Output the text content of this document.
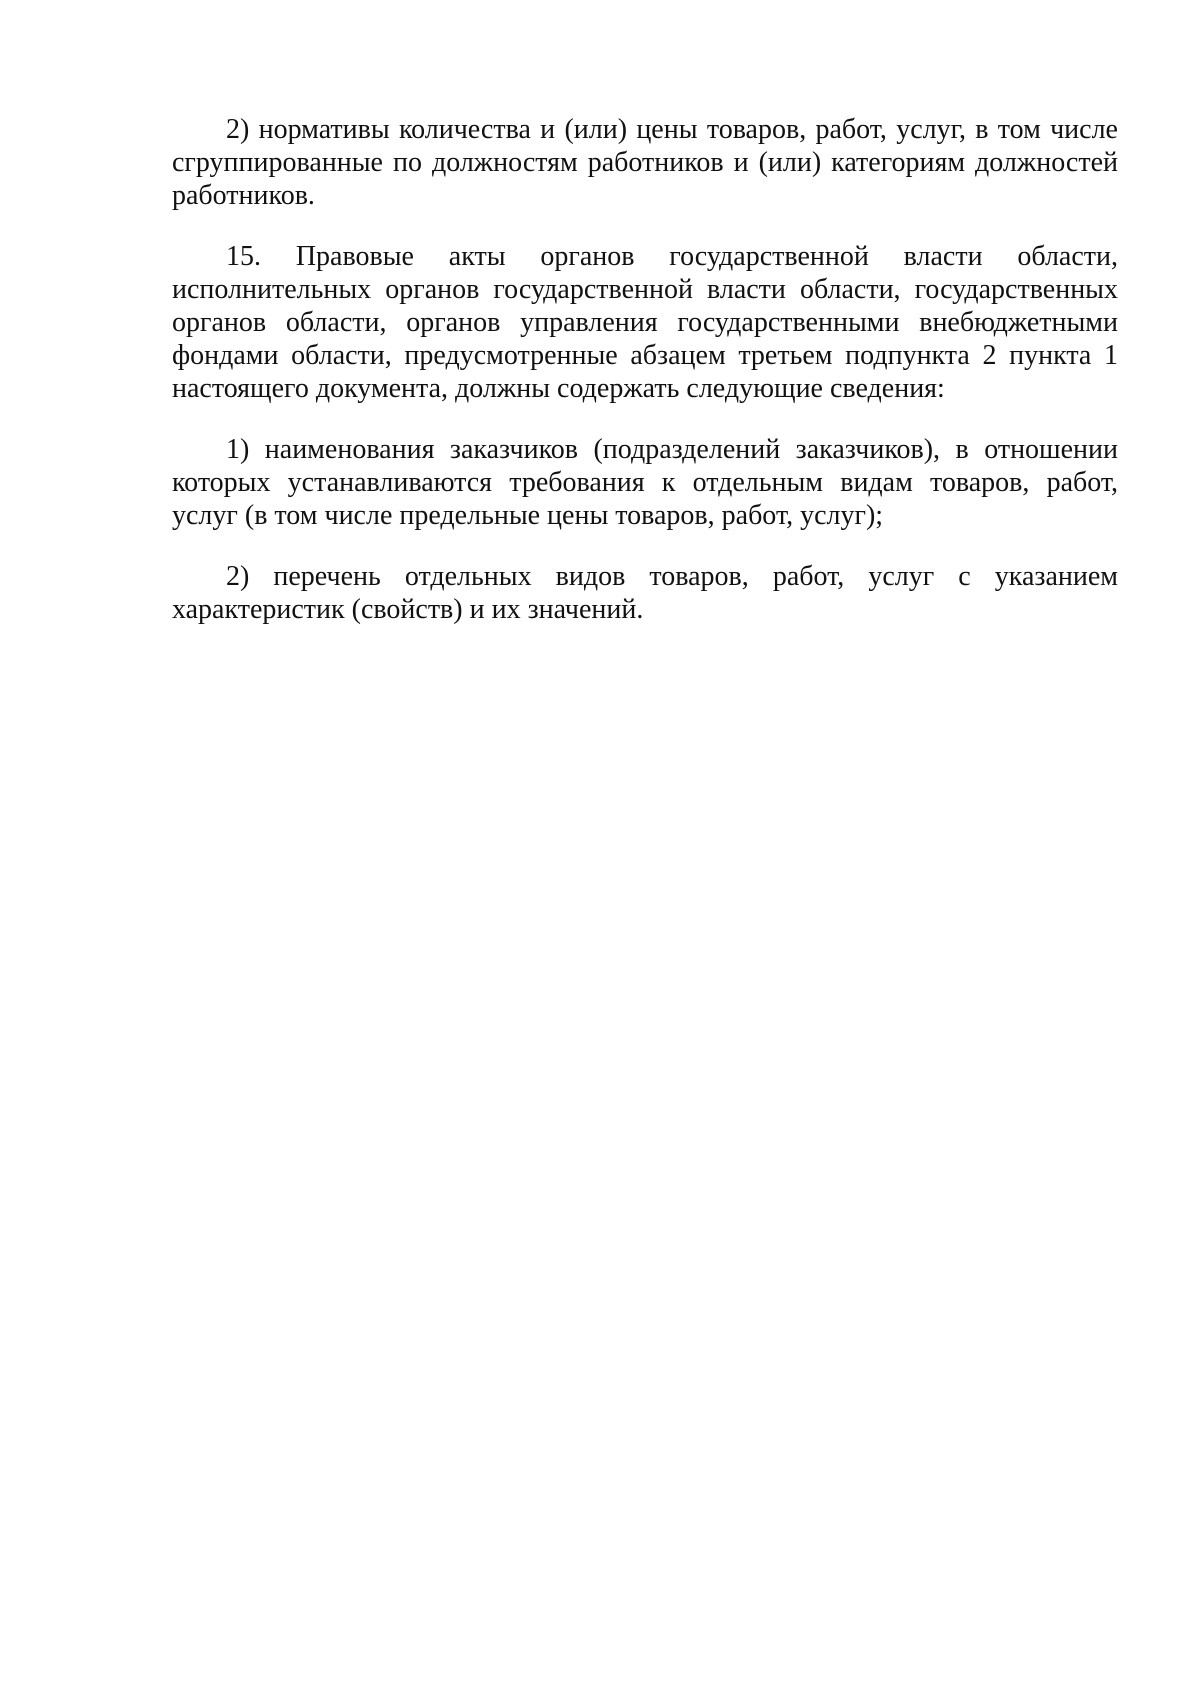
2) нормативы количества и (или) цены товаров, работ, услуг, в том числе сгруппированные по должностям работников и (или) категориям должностей работников.

15. Правовые акты органов государственной власти области, исполнительных органов государственной власти области, государственных органов области, органов управления государственными внебюджетными фондами области, предусмотренные абзацем третьем подпункта 2 пункта 1 настоящего документа, должны содержать следующие сведения:

1) наименования заказчиков (подразделений заказчиков), в отношении которых устанавливаются требования к отдельным видам товаров, работ, услуг (в том числе предельные цены товаров, работ, услуг);

2) перечень отдельных видов товаров, работ, услуг с указанием характеристик (свойств) и их значений.
